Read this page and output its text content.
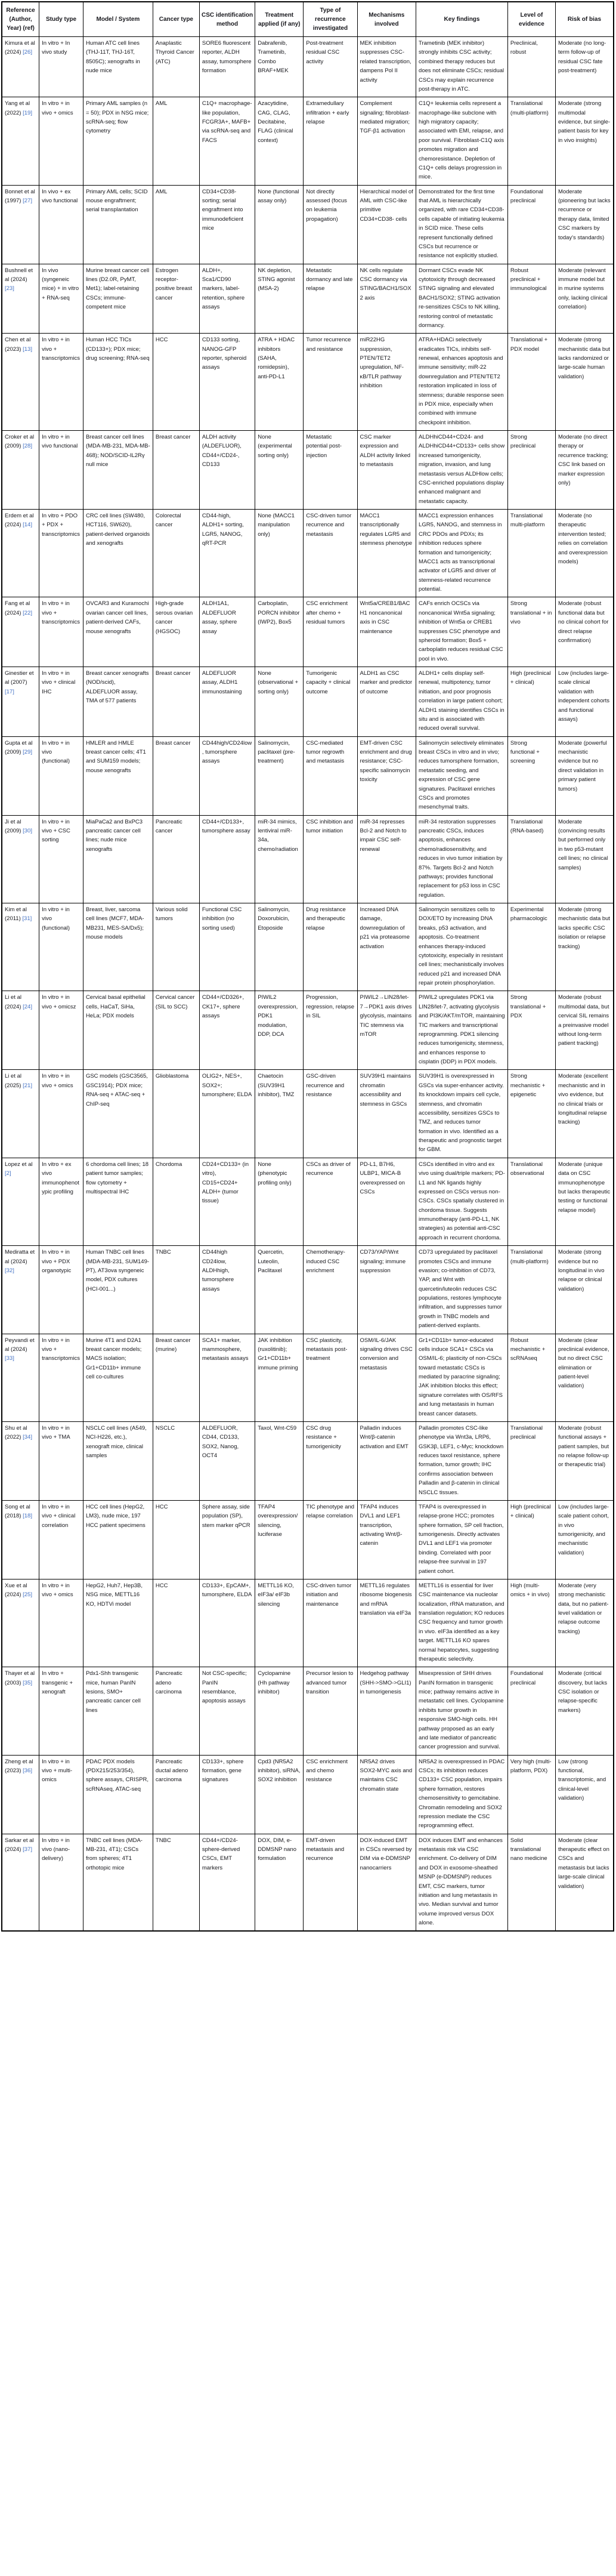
Reference (Author, Year) (ref)	Study type	Model / System	Cancer type	CSC identification method	Treatment applied (if any)	Type of recurrence investigated	Mechanisms involved	Key findings	Level of evidence	Risk of bias
Kimura et al (2024) [26]	In vitro + In vivo study	Human ATC cell lines (THJ-11T, THJ-16T, 8505C); xenografts in nude mice	Anaplastic Thyroid Cancer (ATC)	SORE6 fluorescent reporter, ALDH assay, tumorsphere formation	Dabrafenib, Trametinib, Combo BRAF+MEK	Post-treatment residual CSC activity	MEK inhibition suppresses CSC-related transcription, dampens Pol II activity	Trametinib (MEK inhibitor) strongly inhibits CSC activity; combined therapy reduces but does not eliminate CSCs; residual CSCs may explain recurrence post-therapy in ATC.	Preclinical, robust	Moderate (no long-term follow-up of residual CSC fate post-treatment)
Yang et al (2022) [19]	In vitro + in vivo + omics	Primary AML samples (n = 50); PDX in NSG mice; scRNA-seq; flow cytometry	AML	C1Q+ macrophage-like population, FCGR3A+, MAFB+ via scRNA-seq and FACS	Azacytidine, CAG, CLAG, Decitabine, FLAG (clinical context)	Extramedullary infiltration + early relapse	Complement signaling; fibroblast-mediated migration; TGF-β1 activation	C1Q+ leukemia cells represent a macrophage-like subclone with high migratory capacity; associated with EMI, relapse, and poor survival. Fibroblast-C1Q axis promotes migration and chemoresistance. Depletion of C1Q+ cells delays progression in mice.	Translational (multi-platform)	Moderate (strong multimodal evidence, but single-patient basis for key in vivo insights)
Bonnet et al (1997) [27]	In vivo + ex vivo functional	Primary AML cells; SCID mouse engraftment; serial transplantation	AML	CD34+CD38- sorting; serial engraftment into immunodeficient mice	None (functional assay only)	Not directly assessed (focus on leukemia propagation)	Hierarchical model of AML with CSC-like primitive CD34+CD38- cells	Demonstrated for the first time that AML is hierarchically organized, with rare CD34+CD38- cells capable of initiating leukemia in SCID mice. These cells represent functionally defined CSCs but recurrence or resistance not explicitly studied.	Foundational preclinical	Moderate (pioneering but lacks recurrence or therapy data, limited CSC markers by today's standards)
Bushnell et al (2024) [23]	In vivo (syngeneic mice) + in vitro + RNA-seq	Murine breast cancer cell lines (D2.0R, PyMT, Met1); label-retaining CSCs; immune-competent mice	Estrogen receptor-positive breast cancer	ALDH+, Sca1/CD90 markers, label-retention, sphere assays	NK depletion, STING agonist (MSA-2)	Metastatic dormancy and late relapse	NK cells regulate CSC dormancy via STING/BACH1/SOX2 axis	Dormant CSCs evade NK cytotoxicity through decreased STING signaling and elevated BACH1/SOX2; STING activation re-sensitizes CSCs to NK killing, restoring control of metastatic dormancy.	Robust preclinical + immunological	Moderate (relevant immune model but in murine systems only, lacking clinical correlation)
Chen et al (2023) [13]	In vitro + in vivo + transcriptomics	Human HCC TICs (CD133+); PDX mice; drug screening; RNA-seq	HCC	CD133 sorting, NANOG-GFP reporter, spheroid assays	ATRA + HDAC inhibitors (SAHA, romidepsin), anti-PD-L1	Tumor recurrence and resistance	miR22HG suppression, PTEN/TET2 upregulation, NF-κB/TLR pathway inhibition	ATRA+HDACi selectively eradicates TICs, inhibits self-renewal, enhances apoptosis and immune sensitivity; miR-22 downregulation and PTEN/TET2 restoration implicated in loss of stemness; durable response seen in PDX mice, especially when combined with immune checkpoint inhibition.	Translational + PDX model	Moderate (strong mechanistic data but lacks randomized or large-scale human validation)
Croker et al (2009) [28]	In vitro + in vivo functional	Breast cancer cell lines (MDA-MB-231, MDA-MB-468); NOD/SCID-IL2Rγ null mice	Breast cancer	ALDH activity (ALDEFLUOR), CD44+/CD24-, CD133	None (experimental sorting only)	Metastatic potential post-injection	CSC marker expression and ALDH activity linked to metastasis	ALDHhiCD44+CD24- and ALDHhiCD44+CD133+ cells show increased tumorigenicity, migration, invasion, and lung metastasis versus ALDHlow cells; CSC-enriched populations display enhanced malignant and metastatic capacity.	Strong preclinical	Moderate (no direct therapy or recurrence tracking; CSC link based on marker expression only)
Erdem et al (2024) [14]	In vitro + PDO + PDX + transcriptomics	CRC cell lines (SW480, HCT116, SW620), patient-derived organoids and xenografts	Colorectal cancer	CD44-high, ALDH1+ sorting, LGR5, NANOG, qRT-PCR	None (MACC1 manipulation only)	CSC-driven tumor recurrence and metastasis	MACC1 transcriptionally regulates LGR5 and stemness phenotype	MACC1 expression enhances LGR5, NANOG, and stemness in CRC PDOs and PDXs; its inhibition reduces sphere formation and tumorigenicity; MACC1 acts as transcriptional activator of LGR5 and driver of stemness-related recurrence potential.	Translational multi-platform	Moderate (no therapeutic intervention tested; relies on correlation and overexpression models)
Fang et al (2024) [22]	In vitro + in vivo + transcriptomics	OVCAR3 and Kuramochi ovarian cancer cell lines, patient-derived CAFs, mouse xenografts	High-grade serous ovarian cancer (HGSOC)	ALDH1A1, ALDEFLUOR assay, sphere assay	Carboplatin, PORCN inhibitor (IWP2), Box5	CSC enrichment after chemo + residual tumors	Wnt5a/CREB1/BACH1 noncanonical axis in CSC maintenance	CAFs enrich OCSCs via noncanonical Wnt5a signaling; inhibition of Wnt5a or CREB1 suppresses CSC phenotype and spheroid formation; Box5 + carboplatin reduces residual CSC pool in vivo.	Strong translational + in vivo	Moderate (robust functional data but no clinical cohort for direct relapse confirmation)
Ginestier et al (2007) [17]	In vitro + in vivo + clinical IHC	Breast cancer xenografts (NOD/scid), ALDEFLUOR assay, TMA of 577 patients	Breast cancer	ALDEFLUOR assay, ALDH1 immunostaining	None (observational + sorting only)	Tumorigenic capacity + clinical outcome	ALDH1 as CSC marker and predictor of outcome	ALDH1+ cells display self-renewal, multipotency, tumor initiation, and poor prognosis correlation in large patient cohort; ALDH1 staining identifies CSCs in situ and is associated with reduced overall survival.	High (preclinical + clinical)	Low (includes large-scale clinical validation with independent cohorts and functional assays)
Gupta et al (2009) [29]	In vitro + in vivo (functional)	HMLER and HMLE breast cancer cells; 4T1 and SUM159 models; mouse xenografts	Breast cancer	CD44high/CD24low, tumorsphere assays	Salinomycin, paclitaxel (pre-treatment)	CSC-mediated tumor regrowth and metastasis	EMT-driven CSC enrichment and drug resistance; CSC-specific salinomycin toxicity	Salinomycin selectively eliminates breast CSCs in vitro and in vivo; reduces tumorsphere formation, metastatic seeding, and expression of CSC gene signatures. Paclitaxel enriches CSCs and promotes mesenchymal traits.	Strong functional + screening	Moderate (powerful mechanistic evidence but no direct validation in primary patient tumors)
Ji et al (2009) [30]	In vitro + in vivo + CSC sorting	MiaPaCa2 and BxPC3 pancreatic cancer cell lines; nude mice xenografts	Pancreatic cancer	CD44+/CD133+, tumorsphere assay	miR-34 mimics, lentiviral miR-34a, chemo/radiation	CSC inhibition and tumor initiation	miR-34 represses Bcl-2 and Notch to impair CSC self-renewal	miR-34 restoration suppresses pancreatic CSCs, induces apoptosis, enhances chemo/radiosensitivity, and reduces in vivo tumor initiation by 87%. Targets Bcl-2 and Notch pathways; provides functional replacement for p53 loss in CSC regulation.	Translational (RNA-based)	Moderate (convincing results but performed only in two p53-mutant cell lines; no clinical samples)
Kim et al (2011) [31]	In vitro + in vivo (functional)	Breast, liver, sarcoma cell lines (MCF7, MDA-MB231, MES-SA/Dx5); mouse models	Various solid tumors	Functional CSC inhibition (no sorting used)	Salinomycin, Doxorubicin, Etoposide	Drug resistance and therapeutic relapse	Increased DNA damage, downregulation of p21 via proteasome activation	Salinomycin sensitizes cells to DOX/ETO by increasing DNA breaks, p53 activation, and apoptosis. Co-treatment enhances therapy-induced cytotoxicity, especially in resistant cell lines; mechanistically involves reduced p21 and increased DNA repair protein phosphorylation.	Experimental pharmacologic	Moderate (strong mechanistic data but lacks specific CSC isolation or relapse tracking)
Li et al (2024) [24]	In vitro + in vivo + omicsz	Cervical basal epithelial cells, HaCaT, SiHa, HeLa; PDX models	Cervical cancer (SIL to SCC)	CD44+/CD326+, CK17+, sphere assays	PIWIL2 overexpression, PDK1 modulation, DDP, DCA	Progression, regression, relapse in SIL	PIWIL2→LIN28/let-7→PDK1 axis drives glycolysis, maintains TIC stemness via mTOR	PIWIL2 upregulates PDK1 via LIN28/let-7, activating glycolysis and PI3K/AKT/mTOR, maintaining TIC markers and transcriptional reprogramming. PDK1 silencing reduces tumorigenicity, stemness, and enhances response to cisplatin (DDP) in PDX models.	Strong translational + PDX	Moderate (robust multimodal data, but cervical SIL remains a preinvasive model without long-term patient tracking)
Li et al (2025) [21]	In vitro + in vivo + omics	GSC models (GSC3565, GSC1914); PDX mice; RNA-seq + ATAC-seq + ChIP-seq	Glioblastoma	OLIG2+, NES+, SOX2+; tumorsphere; ELDA	Chaetocin (SUV39H1 inhibitor), TMZ	GSC-driven recurrence and resistance	SUV39H1 maintains chromatin accessibility and stemness in GSCs	SUV39H1 is overexpressed in GSCs via super-enhancer activity. Its knockdown impairs cell cycle, stemness, and chromatin accessibility, sensitizes GSCs to TMZ, and reduces tumor formation in vivo. Identified as a therapeutic and prognostic target for GBM.	Strong mechanistic + epigenetic	Moderate (excellent mechanistic and in vivo evidence, but no clinical trials or longitudinal relapse tracking)
Lopez et al [2]	In vitro + ex vivo immunophenotypic profiling	6 chordoma cell lines; 18 patient tumor samples; flow cytometry + multispectral IHC	Chordoma	CD24+CD133+ (in vitro), CD15+CD24+ ALDH+ (tumor tissue)	None (phenotypic profiling only)	CSCs as driver of recurrence	PD-L1, B7H6, ULBP1, MICA-B overexpressed on CSCs	CSCs identified in vitro and ex vivo using dual/triple markers; PD-L1 and NK ligands highly expressed on CSCs versus non-CSCs. CSCs spatially clustered in chordoma tissue. Suggests immunotherapy (anti-PD-L1, NK strategies) as potential anti-CSC approach in recurrent chordoma.	Translational observational	Moderate (unique data on CSC immunophenotype but lacks therapeutic testing or functional relapse model)
Mediratta et al (2024) [32]	In vitro + in vivo + PDX organotypic	Human TNBC cell lines (MDA-MB-231, SUM149-PT), AT3ova syngeneic model, PDX cultures (HCI-001...)	TNBC	CD44high CD24low, ALDHhigh, tumorsphere assays	Quercetin, Luteolin, Paclitaxel	Chemotherapy-induced CSC enrichment	CD73/YAP/Wnt signaling; immune suppression	CD73 upregulated by paclitaxel promotes CSCs and immune evasion; co-inhibition of CD73, YAP, and Wnt with quercetin/luteolin reduces CSC populations, restores lymphocyte infiltration, and suppresses tumor growth in TNBC models and patient-derived explants.	Translational (multi-platform)	Moderate (strong evidence but no longitudinal in vivo relapse or clinical validation)
Peyvandi et al (2024) [33]	In vitro + in vivo + transcriptomics	Murine 4T1 and D2A1 breast cancer models; MACS isolation; Gr1+CD11b+ immune cell co-cultures	Breast cancer (murine)	SCA1+ marker, mammosphere, metastasis assays	JAK inhibition (ruxolitinib); Gr1+CD11b+ immune priming	CSC plasticity, metastasis post-treatment	OSM/IL-6/JAK signaling drives CSC conversion and metastasis	Gr1+CD11b+ tumor-educated cells induce SCA1+ CSCs via OSM/IL-6; plasticity of non-CSCs toward metastatic CSCs is mediated by paracrine signaling; JAK inhibition blocks this effect; signature correlates with OS/RFS and lung metastasis in human breast cancer datasets.	Robust mechanistic + scRNAseq	Moderate (clear preclinical evidence, but no direct CSC elimination or patient-level validation)
Shu et al (2022) [34]	In vitro + in vivo + TMA	NSCLC cell lines (A549, NCI-H226, etc.), xenograft mice, clinical samples	NSCLC	ALDEFLUOR, CD44, CD133, SOX2, Nanog, OCT4	Taxol, Wnt-C59	CSC drug resistance + tumorigenicity	Palladin induces Wnt/β-catenin activation and EMT	Palladin promotes CSC-like phenotype via Wnt3a, LRP6, GSK3β, LEF1, c-Myc; knockdown reduces taxol resistance, sphere formation, tumor growth; IHC confirms association between Palladin and β-catenin in clinical NSCLC tissues.	Translational preclinical	Moderate (robust functional assays + patient samples, but no relapse follow-up or therapeutic trial)
Song et al (2018) [18]	In vitro + in vivo + clinical correlation	HCC cell lines (HepG2, LM3), nude mice, 197 HCC patient specimens	HCC	Sphere assay, side population (SP), stem marker qPCR	TFAP4 overexpression/ silencing, luciferase	TIC phenotype and relapse correlation	TFAP4 induces DVL1 and LEF1 transcription, activating Wnt/β-catenin	TFAP4 is overexpressed in relapse-prone HCC; promotes sphere formation, SP cell fraction, tumorigenesis. Directly activates DVL1 and LEF1 via promoter binding. Correlated with poor relapse-free survival in 197 patient cohort.	High (preclinical + clinical)	Low (includes large-scale patient cohort, in vivo tumorigenicity, and mechanistic validation)
Xue et al (2024) [25]	In vitro + in vivo + omics	HepG2, Huh7, Hep3B, NSG mice, METTL16 KO, HDTVi model	HCC	CD133+, EpCAM+, tumorsphere, ELDA	METTL16 KO, eIF3a/ eIF3b silencing	CSC-driven tumor initiation and maintenance	METTL16 regulates ribosome biogenesis and mRNA translation via eIF3a	METTL16 is essential for liver CSC maintenance via nucleolar localization, rRNA maturation, and translation regulation; KO reduces CSC frequency and tumor growth in vivo. eIF3a identified as a key target. METTL16 KO spares normal hepatocytes, suggesting therapeutic selectivity.	High (multi-omics + in vivo)	Moderate (very strong mechanistic data, but no patient-level validation or relapse outcome tracking)
Thayer et al (2003) [35]	In vitro + transgenic + xenograft	Pdx1-Shh transgenic mice, human PanIN lesions, SMO+ pancreatic cancer cell lines	Pancreatic adeno carcinoma	Not CSC-specific; PanIN resemblance, apoptosis assays	Cyclopamine (Hh pathway inhibitor)	Precursor lesion to advanced tumor transition	Hedgehog pathway (SHH->SMO->GLI1) in tumorigenesis	Misexpression of SHH drives PanIN formation in transgenic mice; pathway remains active in metastatic cell lines. Cyclopamine inhibits tumor growth in responsive SMO-high cells. HH pathway proposed as an early and late mediator of pancreatic cancer progression and survival.	Foundational preclinical	Moderate (critical discovery, but lacks CSC isolation or relapse-specific markers)
Zheng et al (2023) [36]	In vitro + in vivo + multi-omics	PDAC PDX models (PDX215/253/354), sphere assays, CRISPR, scRNAseq, ATAC-seq	Pancreatic ductal adeno carcinoma	CD133+, sphere formation, gene signatures	Cpd3 (NR5A2 inhibitor), siRNA, SOX2 inhibition	CSC enrichment and chemo resistance	NR5A2 drives SOX2-MYC axis and maintains CSC chromatin state	NR5A2 is overexpressed in PDAC CSCs; its inhibition reduces CD133+ CSC population, impairs sphere formation, restores chemosensitivity to gemcitabine. Chromatin remodeling and SOX2 repression mediate the CSC reprogramming effect.	Very high (multi-platform, PDX)	Low (strong functional, transcriptomic, and clinical-level validation)
Sarkar et al (2024) [37]	In vitro + in vivo (nano-delivery)	TNBC cell lines (MDA-MB-231, 4T1); CSCs from spheres; 4T1 orthotopic mice	TNBC	CD44+/CD24- sphere-derived CSCs, EMT markers	DOX, DIM, e-DDMSNP nano formulation	EMT-driven metastasis and recurrence	DOX-induced EMT in CSCs reversed by DIM via e-DDMSNP nanocarriers	DOX induces EMT and enhances metastasis risk via CSC enrichment. Co-delivery of DIM and DOX in exosome-sheathed MSNP (e-DDMSNP) reduces EMT, CSC markers, tumor initiation and lung metastasis in vivo. Median survival and tumor volume improved versus DOX alone.	Solid translational nano medicine	Moderate (clear therapeutic effect on CSCs and metastasis but lacks large-scale clinical validation)
